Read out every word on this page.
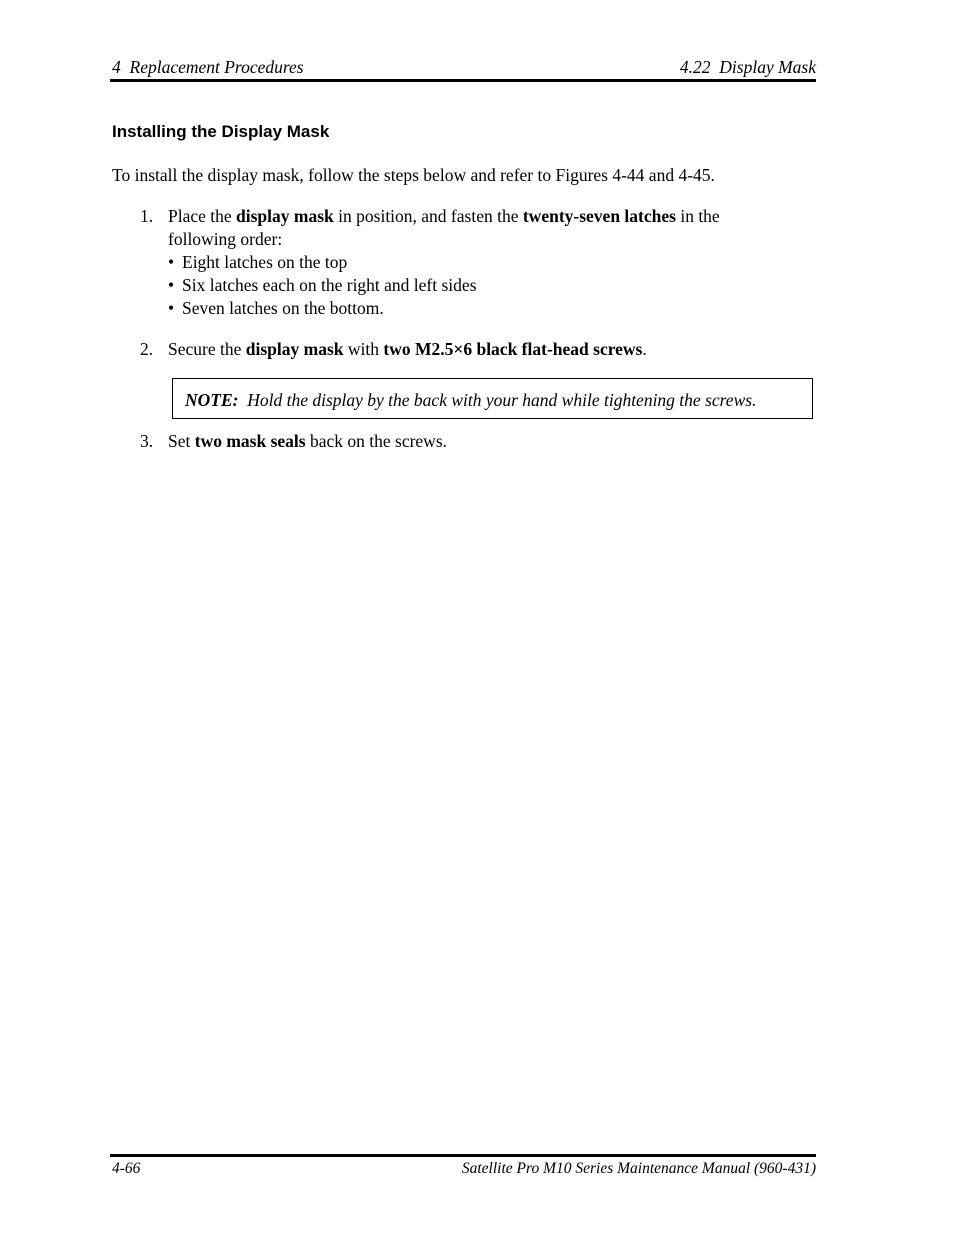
4  Replacement Procedures	4.22  Display Mask
Installing the Display Mask
To install the display mask, follow the steps below and refer to Figures 4-44 and 4-45.
1. Place the display mask in position, and fasten the twenty-seven latches in the
following order:
• Eight latches on the top
• Six latches each on the right and left sides
• Seven latches on the bottom.
2. Secure the display mask with two M2.5×6 black flat-head screws.
NOTE:  Hold the display by the back with your hand while tightening the screws.
3. Set two mask seals back on the screws.
4-66	Satellite Pro M10 Series Maintenance Manual (960-431)
